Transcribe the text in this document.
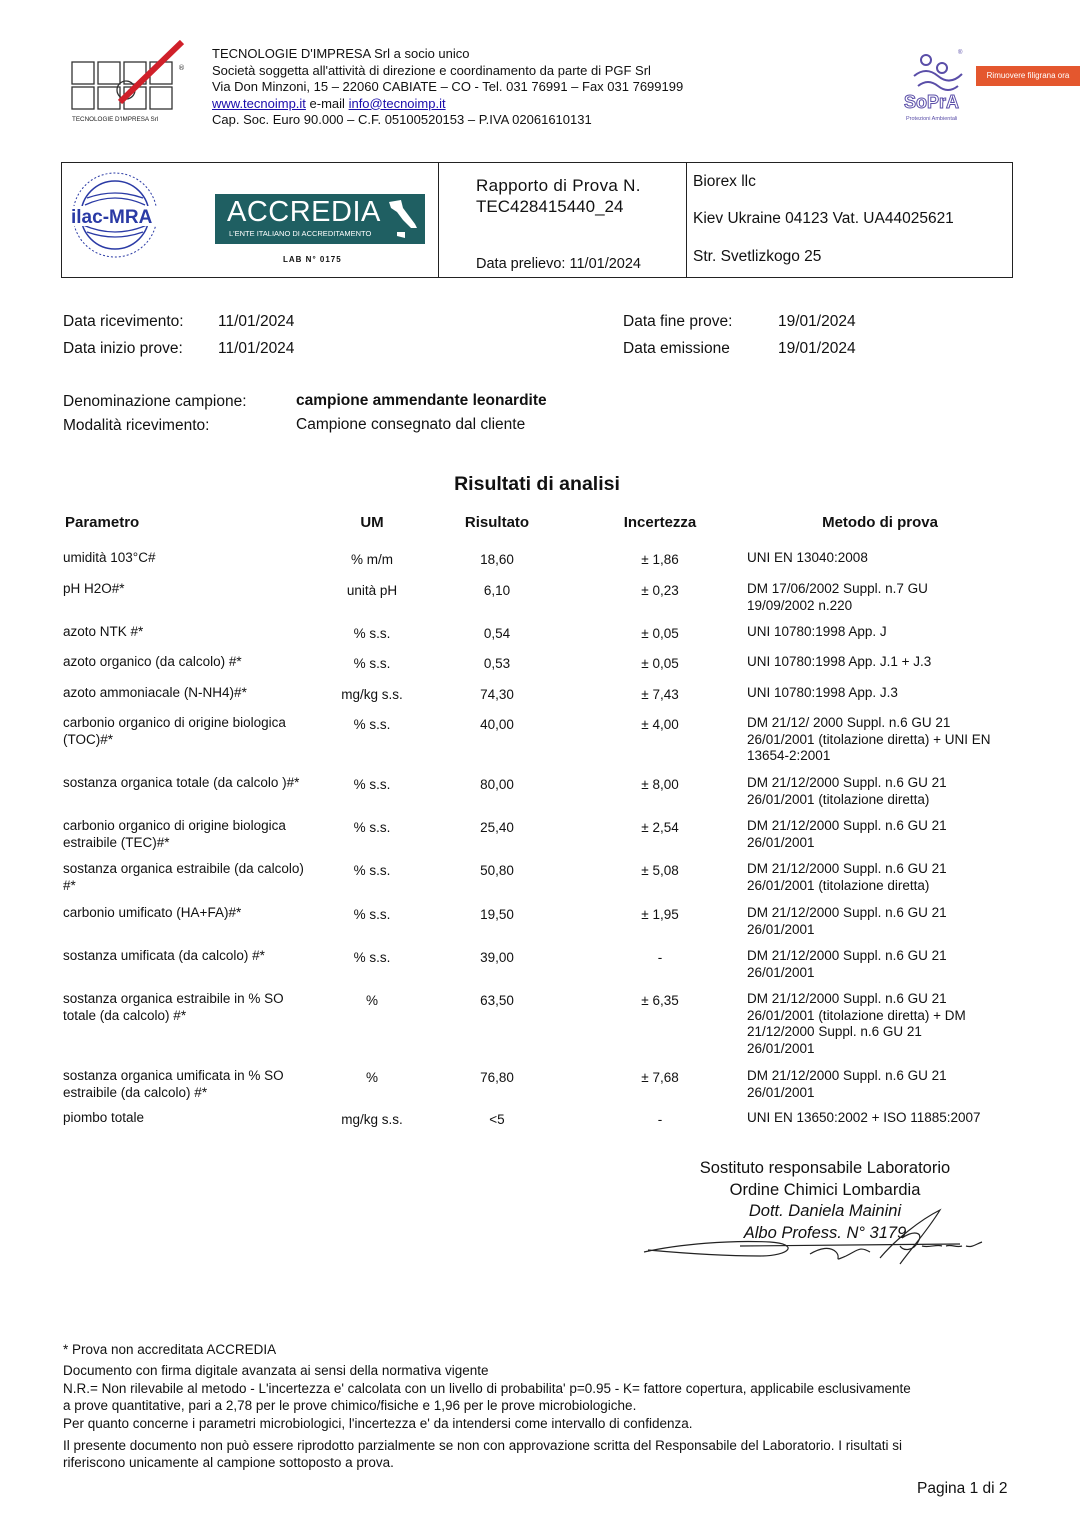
®
TECNOLOGIE D'IMPRESA Srl
TECNOLOGIE D'IMPRESA Srl a socio unico
Società soggetta all'attività di direzione e coordinamento da parte di PGF Srl
Via Don Minzoni, 15 – 22060 CABIATE – CO - Tel. 031 76991 – Fax 031 7699199
www.tecnoimp.it e-mail info@tecnoimp.it
Cap. Soc. Euro 90.000 – C.F. 05100520153 – P.IVA 02061610131
SoPrA
Protezioni Ambientali
®
Rimuovere filigrana ora
ilac-MRA	ACCREDIA
L'ENTE ITALIANO DI ACCREDITAMENTO
LAB N° 0175
Rapporto di Prova N.
TEC428415440_24
Data prelievo: 11/01/2024
Biorex llc
Kiev Ukraine 04123 Vat. UA44025621
Str. Svetlizkogo 25
Data ricevimento: 11/01/2024
Data inizio prove: 11/01/2024
Data fine prove:	19/01/2024
Data emissione	19/01/2024
Denominazione campione:	campione ammendante leonardite
Modalità ricevimento:	Campione consegnato dal cliente
Risultati di analisi
Parametro	UM	Risultato	Incertezza	Metodo di prova
umidità 103°C#	% m/m	18,60	± 1,86	UNI EN 13040:2008
pH H2O#*	unità pH	6,10	± 0,23	DM 17/06/2002 Suppl. n.7 GU
19/09/2002 n.220
azoto NTK #*	% s.s.	0,54	± 0,05	UNI 10780:1998 App. J
azoto organico (da calcolo) #*	% s.s.	0,53	± 0,05	UNI 10780:1998 App. J.1 + J.3
azoto ammoniacale (N-NH4)#*	mg/kg s.s.	74,30	± 7,43	UNI 10780:1998 App. J.3
carbonio organico di origine biologica
(TOC)#*
% s.s.	40,00	± 4,00	DM 21/12/ 2000 Suppl. n.6 GU 21
26/01/2001 (titolazione diretta) + UNI EN
13654-2:2001
sostanza organica totale (da calcolo )#*	% s.s.	80,00	± 8,00	DM 21/12/2000 Suppl. n.6 GU 21
26/01/2001 (titolazione diretta)
carbonio organico di origine biologica
estraibile (TEC)#*
% s.s.	25,40	± 2,54	DM 21/12/2000 Suppl. n.6 GU 21
26/01/2001
sostanza organica estraibile (da calcolo)
#*
% s.s.	50,80	± 5,08	DM 21/12/2000 Suppl. n.6 GU 21
26/01/2001 (titolazione diretta)
carbonio umificato (HA+FA)#*	% s.s.	19,50	± 1,95	DM 21/12/2000 Suppl. n.6 GU 21
26/01/2001
sostanza umificata (da calcolo) #*	% s.s.	39,00	-	DM 21/12/2000 Suppl. n.6 GU 21
26/01/2001
sostanza organica estraibile in % SO
totale (da calcolo) #*
%	63,50	± 6,35	DM 21/12/2000 Suppl. n.6 GU 21
26/01/2001 (titolazione diretta) + DM
21/12/2000 Suppl. n.6 GU 21
26/01/2001
sostanza organica umificata in % SO
estraibile (da calcolo) #*
%	76,80	± 7,68	DM 21/12/2000 Suppl. n.6 GU 21
26/01/2001
piombo totale	mg/kg s.s.	<5	-	UNI EN 13650:2002 + ISO 11885:2007
Sostituto responsabile Laboratorio
Ordine Chimici Lombardia
Dott. Daniela Mainini
Albo Profess. N° 3179
* Prova non accreditata ACCREDIA
Documento con firma digitale avanzata ai sensi della normativa vigente
N.R.= Non rilevabile al metodo - L'incertezza e' calcolata con un livello di probabilita' p=0.95 - K= fattore copertura, applicabile esclusivamente
a prove quantitative, pari a 2,78 per le prove chimico/fisiche e 1,96 per le prove microbiologiche.
Per quanto concerne i parametri microbiologici, l'incertezza e' da intendersi come intervallo di confidenza.
Il presente documento non può essere riprodotto parzialmente se non con approvazione scritta del Responsabile del Laboratorio. I risultati si
riferiscono unicamente al campione sottoposto a prova.
Pagina 1 di 2
